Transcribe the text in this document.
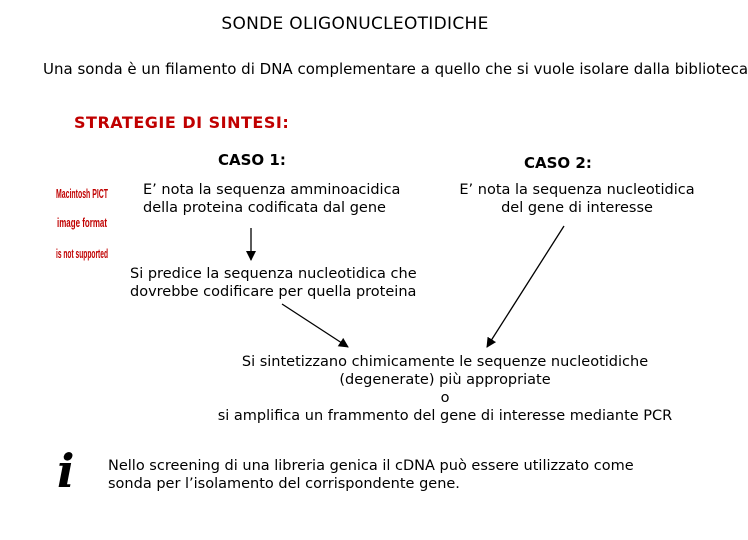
SONDE OLIGONUCLEOTIDICHE
Una sonda è un filamento di DNA complementare a quello che si vuole isolare dalla biblioteca
STRATEGIE DI SINTESI:
Macintosh PICT
image format
is not supported
CASO 1:
E’ nota la sequenza amminoacidica
della proteina codificata dal gene
Si predice la sequenza nucleotidica che
dovrebbe codificare per quella proteina
CASO 2:
E’ nota la sequenza nucleotidica
del gene di interesse
Si sintetizzano chimicamente le sequenze nucleotidiche
(degenerate) più appropriate
o
si amplifica un frammento del gene di interesse mediante PCR
i Nello screening di una libreria genica il cDNA può essere utilizzato come
sonda per l’isolamento del corrispondente gene.
